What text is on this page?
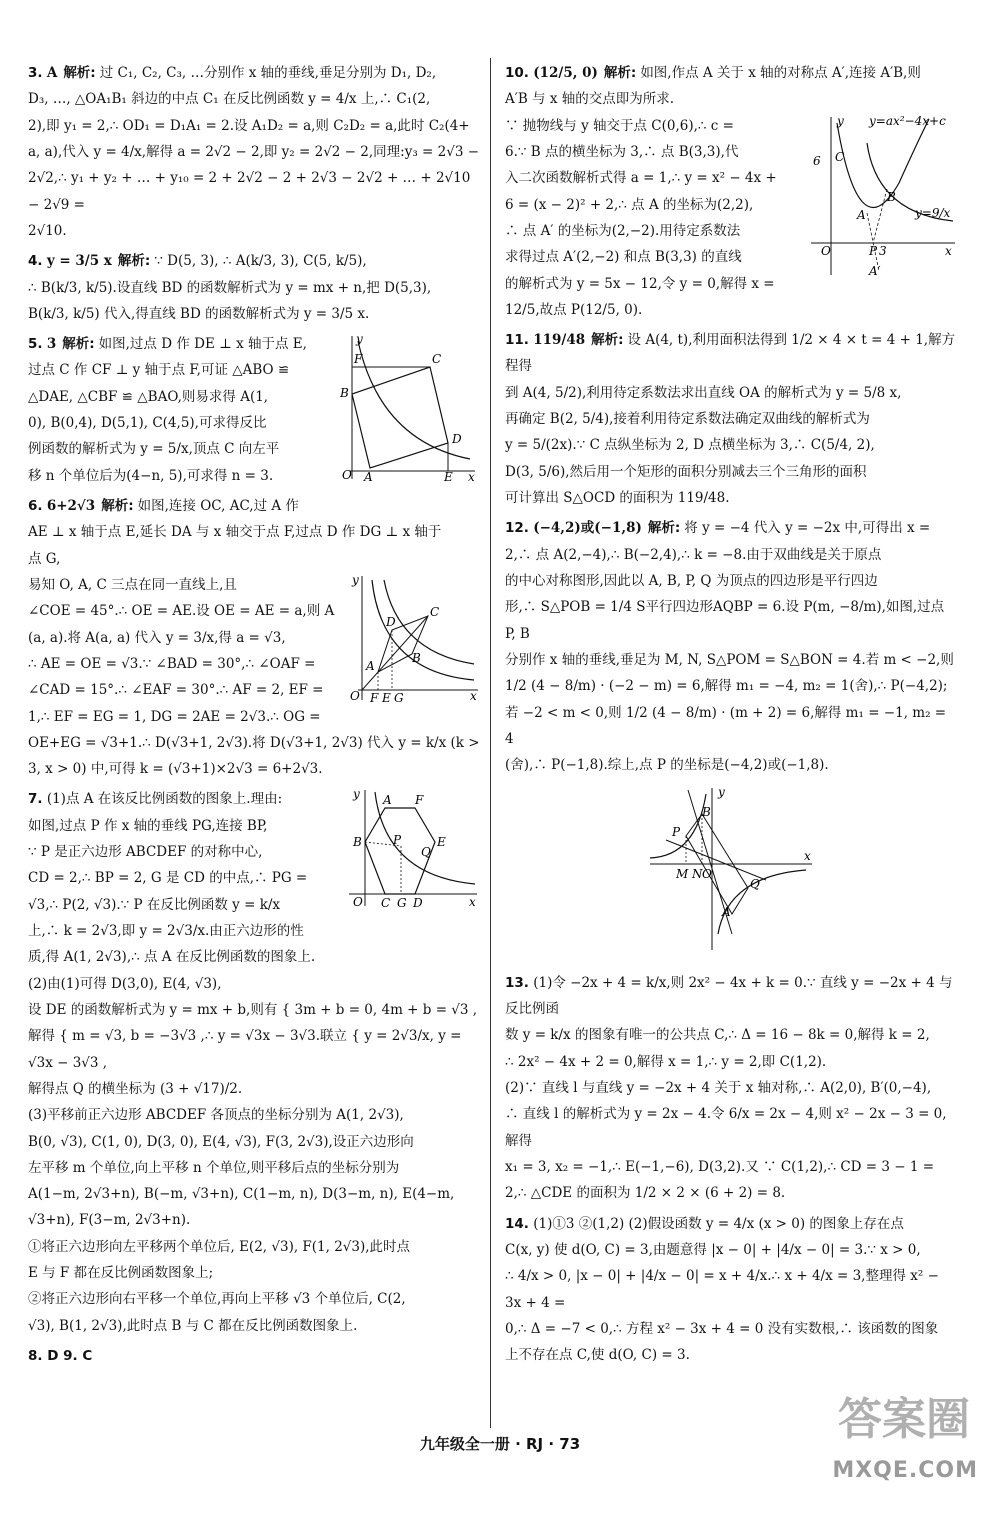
3. A 解析: 过 C₁, C₂, C₃, …分别作 x 轴的垂线,垂足分别为 D₁, D₂,
D₃, …, △OA₁B₁ 斜边的中点 C₁ 在反比例函数 y = 4/x 上,∴ C₁(2,
2),即 y₁ = 2,∴ OD₁ = D₁A₁ = 2.设 A₁D₂ = a,则 C₂D₂ = a,此时 C₂(4+
a, a),代入 y = 4/x,解得 a = 2√2 − 2,即 y₂ = 2√2 − 2,同理:y₃ = 2√3 −
2√2,∴ y₁ + y₂ + … + y₁₀ = 2 + 2√2 − 2 + 2√3 − 2√2 + … + 2√10 − 2√9 =
2√10.
4. y = 3/5 x 解析: ∵ D(5, 3), ∴ A(k/3, 3), C(5, k/5),
∴ B(k/3, k/5).设直线 BD 的函数解析式为 y = mx + n,把 D(5,3),
B(k/3, k/5) 代入,得直线 BD 的函数解析式为 y = 3/5 x.
F	C
B
D
O A	E x
y
5. 3 解析: 如图,过点 D 作 DE ⊥ x 轴于点 E,
过点 C 作 CF ⊥ y 轴于点 F,可证 △ABO ≌
△DAE, △CBF ≌ △BAO,则易求得 A(1,
0), B(0,4), D(5,1), C(4,5),可求得反比
例函数的解析式为 y = 5/x,顶点 C 向左平
移 n 个单位后为(4−n, 5),可求得 n = 3.
6. 6+2√3 解析: 如图,连接 OC, AC,过 A 作
AE ⊥ x 轴于点 E,延长 DA 与 x 轴交于点 F,过点 D 作 DG ⊥ x 轴于
点 G,
y
D
C
B
A
O F E G	x
易知 O, A, C 三点在同一直线上,且
∠COE = 45°.∴ OE = AE.设 OE = AE = a,则 A
(a, a).将 A(a, a) 代入 y = 3/x,得 a = √3,
∴ AE = OE = √3.∵ ∠BAD = 30°,∴ ∠OAF =
∠CAD = 15°.∴ ∠EAF = 30°.∴ AF = 2, EF =
1,∴ EF = EG = 1, DG = 2AE = 2√3.∴ OG =
OE+EG = √3+1.∴ D(√3+1, 2√3).将 D(√3+1, 2√3) 代入 y = k/x (k >
3, x > 0) 中,可得 k = (√3+1)×2√3 = 6+2√3.
y A F
B	P
Q
E
O C G D	x
7. (1)点 A 在该反比例函数的图象上.理由:
如图,过点 P 作 x 轴的垂线 PG,连接 BP,
∵ P 是正六边形 ABCDEF 的对称中心,
CD = 2,∴ BP = 2, G 是 CD 的中点,∴ PG =
√3,∴ P(2, √3).∵ P 在反比例函数 y = k/x
上,∴ k = 2√3,即 y = 2√3/x.由正六边形的性
质,得 A(1, 2√3),∴ 点 A 在反比例函数的图象上.
(2)由(1)可得 D(3,0), E(4, √3),
设 DE 的函数解析式为 y = mx + b,则有 { 3m + b = 0, 4m + b = √3 ,
解得 { m = √3, b = −3√3 ,∴ y = √3x − 3√3.联立 { y = 2√3/x, y = √3x − 3√3 ,
解得点 Q 的横坐标为 (3 + √17)/2.
(3)平移前正六边形 ABCDEF 各顶点的坐标分别为 A(1, 2√3),
B(0, √3), C(1, 0), D(3, 0), E(4, √3), F(3, 2√3),设正六边形向
左平移 m 个单位,向上平移 n 个单位,则平移后点的坐标分别为
A(1−m, 2√3+n), B(−m, √3+n), C(1−m, n), D(3−m, n), E(4−m,
√3+n), F(3−m, 2√3+n).
①将正六边形向左平移两个单位后, E(2, √3), F(1, 2√3),此时点
E 与 F 都在反比例函数图象上;
②将正六边形向右平移一个单位,再向上平移 √3 个单位后, C(2,
√3), B(1, 2√3),此时点 B 与 C 都在反比例函数图象上.
8. D 9. C
10. (12/5, 0) 解析: 如图,作点 A 关于 x 轴的对称点 A′,连接 A′B,则
A′B 与 x 轴的交点即为所求.
y y=ax²−4x+c
6 C
B
A	y=9/x
O	P 3	x
A′
∵ 抛物线与 y 轴交于点 C(0,6),∴ c =
6.∵ B 点的横坐标为 3,∴ 点 B(3,3),代
入二次函数解析式得 a = 1,∴ y = x² − 4x +
6 = (x − 2)² + 2,∴ 点 A 的坐标为(2,2),
∴ 点 A′ 的坐标为(2,−2).用待定系数法
求得过点 A′(2,−2) 和点 B(3,3) 的直线
的解析式为 y = 5x − 12,令 y = 0,解得 x =
12/5,故点 P(12/5, 0).
11. 119/48 解析: 设 A(4, t),利用面积法得到 1/2 × 4 × t = 4 + 1,解方程得
到 A(4, 5/2),利用待定系数法求出直线 OA 的解析式为 y = 5/8 x,
再确定 B(2, 5/4),接着利用待定系数法确定双曲线的解析式为
y = 5/(2x).∵ C 点纵坐标为 2, D 点横坐标为 3,∴ C(5/4, 2),
D(3, 5/6),然后用一个矩形的面积分别减去三个三角形的面积
可计算出 S△OCD 的面积为 119/48.
12. (−4,2)或(−1,8) 解析: 将 y = −4 代入 y = −2x 中,可得出 x =
2,∴ 点 A(2,−4),∴ B(−2,4),∴ k = −8.由于双曲线是关于原点
的中心对称图形,因此以 A, B, P, Q 为顶点的四边形是平行四边
形,∴ S△POB = 1/4 S平行四边形AQBP = 6.设 P(m, −8/m),如图,过点 P, B
分别作 x 轴的垂线,垂足为 M, N, S△POM = S△BON = 4.若 m < −2,则
1/2 (4 − 8/m) · (−2 − m) = 6,解得 m₁ = −4, m₂ = 1(舍),∴ P(−4,2);
若 −2 < m < 0,则 1/2 (4 − 8/m) · (m + 2) = 6,解得 m₁ = −1, m₂ = 4
(舍),∴ P(−1,8).综上,点 P 的坐标是(−4,2)或(−1,8).
y
B
P
M N O
x
Q
A
13. (1)令 −2x + 4 = k/x,则 2x² − 4x + k = 0.∵ 直线 y = −2x + 4 与反比例函
数 y = k/x 的图象有唯一的公共点 C,∴ Δ = 16 − 8k = 0,解得 k = 2,
∴ 2x² − 4x + 2 = 0,解得 x = 1,∴ y = 2,即 C(1,2).
(2)∵ 直线 l 与直线 y = −2x + 4 关于 x 轴对称,∴ A(2,0), B′(0,−4),
∴ 直线 l 的解析式为 y = 2x − 4.令 6/x = 2x − 4,则 x² − 2x − 3 = 0,解得
x₁ = 3, x₂ = −1,∴ E(−1,−6), D(3,2).又 ∵ C(1,2),∴ CD = 3 − 1 =
2,∴ △CDE 的面积为 1/2 × 2 × (6 + 2) = 8.
14. (1)①3 ②(1,2) (2)假设函数 y = 4/x (x > 0) 的图象上存在点
C(x, y) 使 d(O, C) = 3,由题意得 |x − 0| + |4/x − 0| = 3.∵ x > 0,
∴ 4/x > 0, |x − 0| + |4/x − 0| = x + 4/x.∴ x + 4/x = 3,整理得 x² − 3x + 4 =
0,∴ Δ = −7 < 0,∴ 方程 x² − 3x + 4 = 0 没有实数根,∴ 该函数的图象
上不存在点 C,使 d(O, C) = 3.
九年级全一册 · RJ · 73	答案圈
MXQE.COM
